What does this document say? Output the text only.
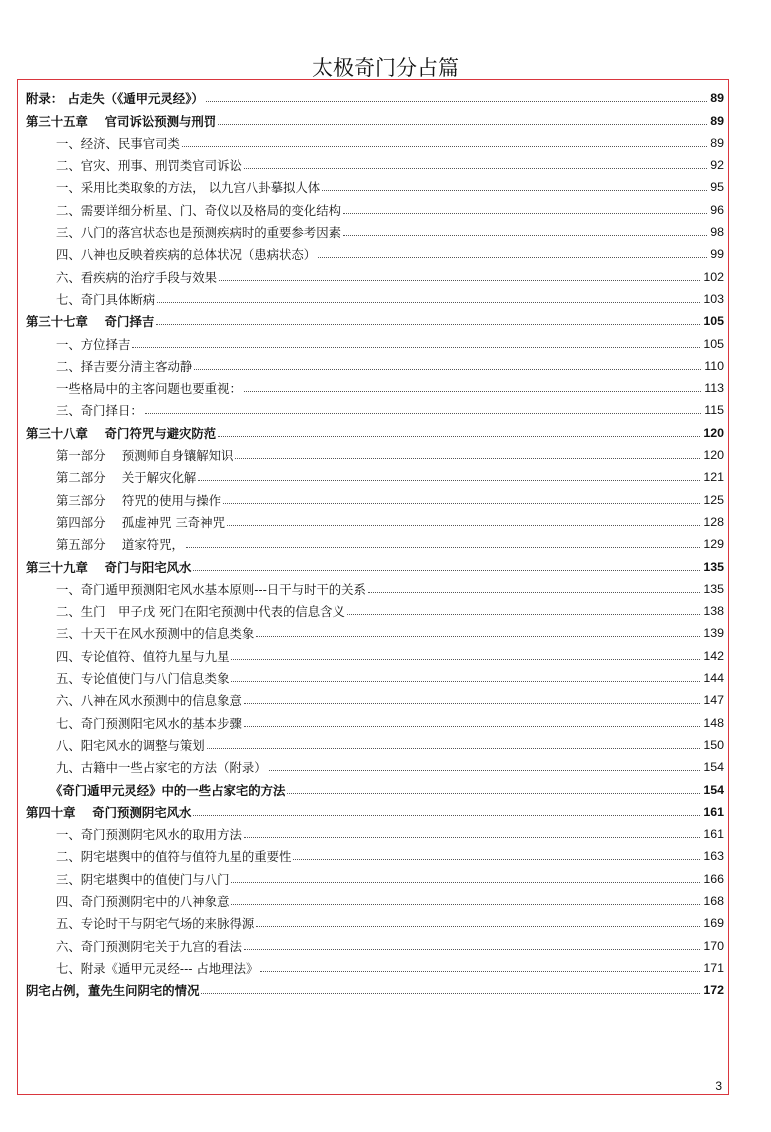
太极奇门分占篇
附录： 占走失（《遁甲元灵经》）	89
第三十五章　 官司诉讼预测与刑罚	89
一、经济、民事官司类	89
二、官灾、刑事、刑罚类官司诉讼	92
一、采用比类取象的方法， 以九宫八卦摹拟人体	95
二、需要详细分析星、门、奇仪以及格局的变化结构	96
三、八门的落宫状态也是预测疾病时的重要参考因素	98
四、八神也反映着疾病的总体状况（患病状态）	99
六、看疾病的治疗手段与效果	102
七、奇门具体断病	103
第三十七章　 奇门择吉	105
一、方位择吉	105
二、择吉要分清主客动静	110
一些格局中的主客问题也要重视：	113
三、奇门择日：	115
第三十八章　 奇门符咒与避灾防范	120
第一部分　 预测师自身镶解知识	120
第二部分　 关于解灾化解	121
第三部分　 符咒的使用与操作	125
第四部分　 孤虚神咒 三奇神咒	128
第五部分　 道家符咒，	129
第三十九章　 奇门与阳宅风水	135
一、奇门遁甲预测阳宅风水基本原则---日干与时干的关系	135
二、生门　甲子戊 死门在阳宅预测中代表的信息含义	138
三、十天干在风水预测中的信息类象	139
四、专论值符、值符九星与九星	142
五、专论值使门与八门信息类象	144
六、八神在风水预测中的信息象意	147
七、奇门预测阳宅风水的基本步骤	148
八、阳宅风水的调整与策划	150
九、古籍中一些占家宅的方法（附录）	154
《奇门遁甲元灵经》中的一些占家宅的方法	154
第四十章　 奇门预测阴宅风水	161
一、奇门预测阴宅风水的取用方法	161
二、阴宅堪舆中的值符与值符九星的重要性	163
三、阴宅堪舆中的值使门与八门	166
四、奇门预测阴宅中的八神象意	168
五、专论时干与阴宅气场的来脉得源	169
六、奇门预测阴宅关于九宫的看法	170
七、附录《遁甲元灵经--- 占地理法》	171
阴宅占例，董先生问阴宅的情况	172
3
